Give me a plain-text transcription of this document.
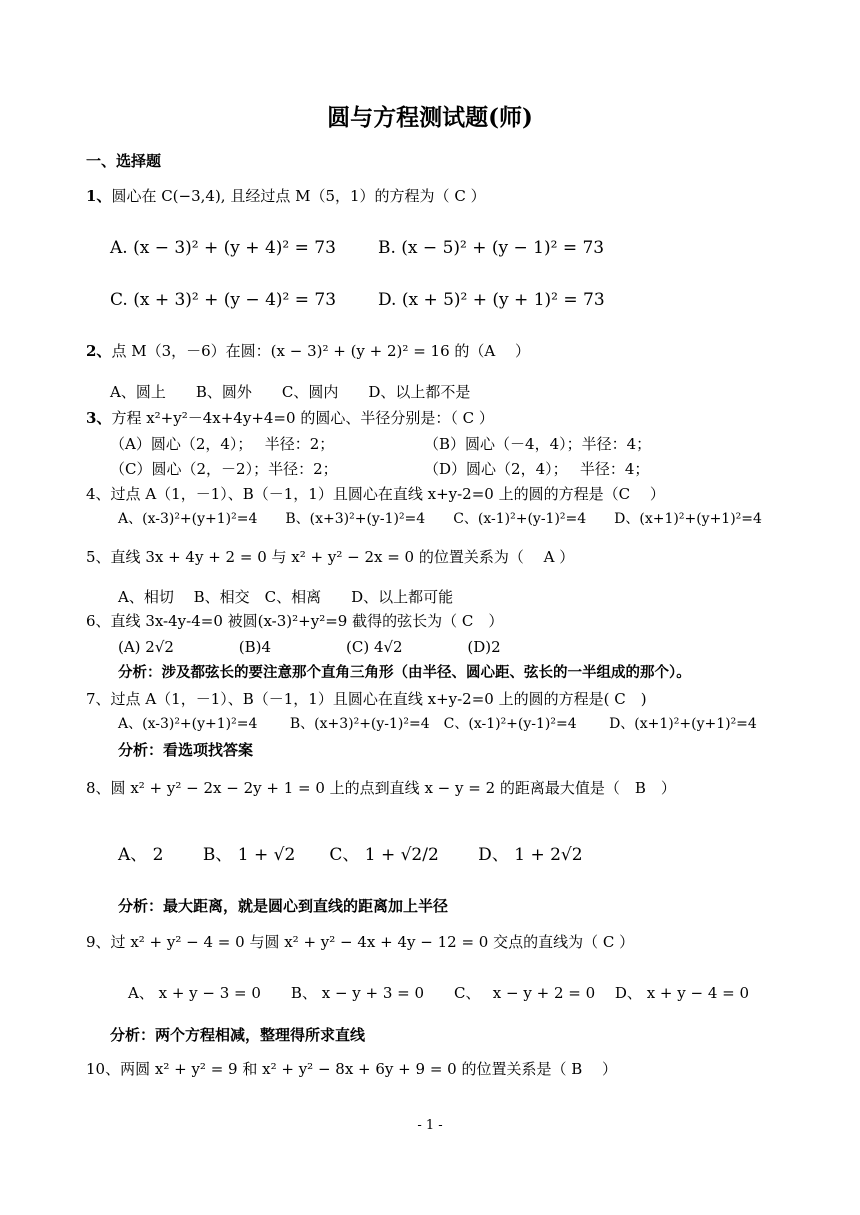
圆与方程测试题(师)
一、选择题
1、圆心在 C(−3,4), 且经过点 M（5，1）的方程为（ C ）
A. (x − 3)² + (y + 4)² = 73 B. (x − 5)² + (y − 1)² = 73
C. (x + 3)² + (y − 4)² = 73 D. (x + 5)² + (y + 1)² = 73
2、点 M（3，－6）在圆：(x − 3)² + (y + 2)² = 16 的（A　 ）
A、圆上　　B、圆外　　C、圆内　　D、以上都不是
3、方程 x²+y²－4x+4y+4=0 的圆心、半径分别是：（ C ）
（A）圆心（2，4）；　 半径：2；	（B）圆心（－4，4）；半径：4；
（C）圆心（2，－2）；半径：2；	（D）圆心（2，4）；　 半径：4；
4、过点 A（1，－1）、B（－1，1）且圆心在直线 x+y-2=0 上的圆的方程是（C　 ）
A、(x-3)²+(y+1)²=4　　B、(x+3)²+(y-1)²=4　　C、(x-1)²+(y-1)²=4　　D、(x+1)²+(y+1)²=4
5、直线 3x + 4y + 2 = 0 与 x² + y² − 2x = 0 的位置关系为（　 A ）
A、相切　 B、相交　C、相离　　D、以上都可能
6、直线 3x-4y-4=0 被圆(x-3)²+y²=9 截得的弦长为（ C　）
(A) 2√2　　　　 (B)4　　　　　(C) 4√2　　　　 (D)2
分析：涉及都弦长的要注意那个直角三角形（由半径、圆心距、弦长的一半组成的那个）。
7、过点 A（1，－1）、B（－1，1）且圆心在直线 x+y-2=0 上的圆的方程是( C　)
A、(x-3)²+(y+1)²=4　　 B、(x+3)²+(y-1)²=4　C、(x-1)²+(y-1)²=4　　 D、(x+1)²+(y+1)²=4
分析：看选项找答案
8、圆 x² + y² − 2x − 2y + 1 = 0 上的点到直线 x − y = 2 的距离最大值是（　B　）
A、 2　　 B、 1 + √2　　C、 1 + √2/2　　 D、 1 + 2√2
分析：最大距离，就是圆心到直线的距离加上半径
9、过 x² + y² − 4 = 0 与圆 x² + y² − 4x + 4y − 12 = 0 交点的直线为（ C ）
A、 x + y − 3 = 0　　B、 x − y + 3 = 0　　C、　 x − y + 2 = 0　 D、 x + y − 4 = 0
分析：两个方程相减，整理得所求直线
10、两圆 x² + y² = 9 和 x² + y² − 8x + 6y + 9 = 0 的位置关系是（ B　 ）
- 1 -
